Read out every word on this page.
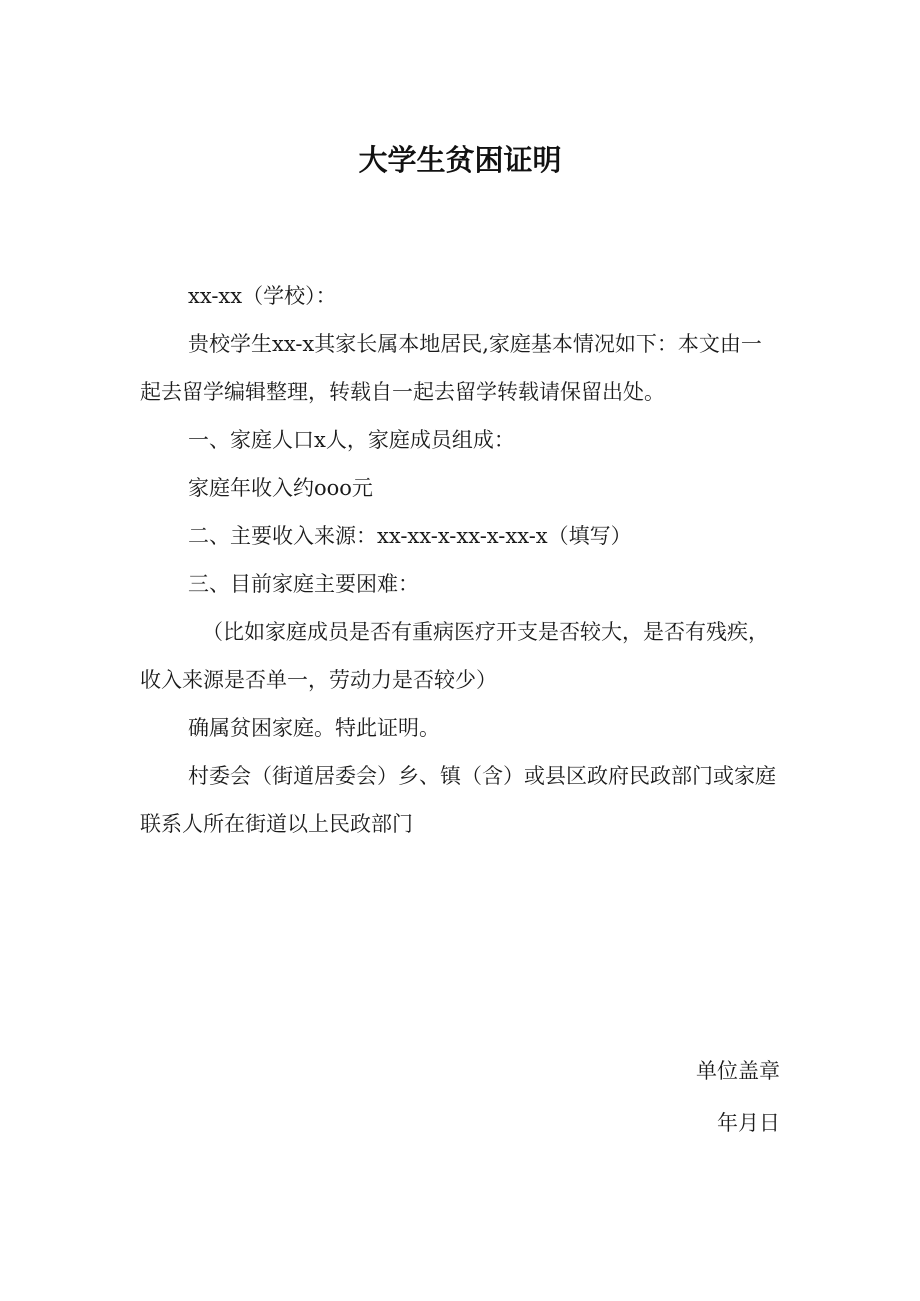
大学生贫困证明

xx-xx（学校）：

贵校学生xx-x其家长属本地居民,家庭基本情况如下：本文由一起去留学编辑整理，转载自一起去留学转载请保留出处。

一、家庭人口x人，家庭成员组成：

家庭年收入约ooo元

二、主要收入来源：xx-xx-x-xx-x-xx-x（填写）

三、目前家庭主要困难：

（比如家庭成员是否有重病医疗开支是否较大，是否有残疾，收入来源是否单一，劳动力是否较少）

确属贫困家庭。特此证明。

村委会（街道居委会）乡、镇（含）或县区政府民政部门或家庭联系人所在街道以上民政部门

单位盖章

年月日
